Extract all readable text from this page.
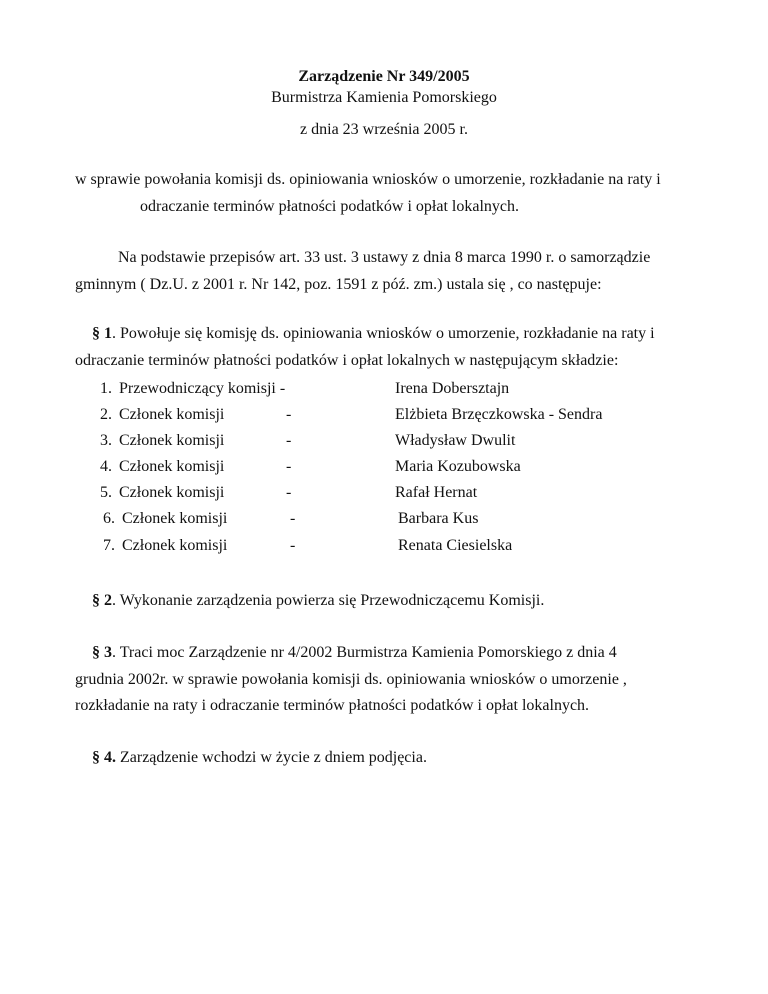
Zarządzenie Nr 349/2005
Burmistrza Kamienia Pomorskiego
z dnia 23 września 2005 r.
w sprawie powołania komisji ds. opiniowania wniosków o umorzenie, rozkładanie na raty i
odraczanie terminów płatności podatków i opłat lokalnych.
Na podstawie przepisów art. 33 ust. 3 ustawy z dnia 8 marca 1990 r. o samorządzie
gminnym ( Dz.U. z 2001 r. Nr 142, poz. 1591 z póź. zm.) ustala się , co następuje:
§ 1. Powołuje się komisję ds. opiniowania wniosków o umorzenie, rozkładanie na raty i
odraczanie terminów płatności podatków i opłat lokalnych w następującym składzie:
1. Przewodniczący komisji -	Irena Dobersztajn
2. Członek komisji	-	Elżbieta Brzęczkowska - Sendra
3. Członek komisji	-	Władysław Dwulit
4. Członek komisji	-	Maria Kozubowska
5. Członek komisji	-	Rafał Hernat
6. Członek komisji	-	Barbara Kus
7. Członek komisji	-	Renata Ciesielska
§ 2. Wykonanie zarządzenia powierza się Przewodniczącemu Komisji.
§ 3. Traci moc Zarządzenie nr 4/2002 Burmistrza Kamienia Pomorskiego z dnia 4
grudnia 2002r. w sprawie powołania komisji ds. opiniowania wniosków o umorzenie ,
rozkładanie na raty i odraczanie terminów płatności podatków i opłat lokalnych.
§ 4. Zarządzenie wchodzi w życie z dniem podjęcia.
